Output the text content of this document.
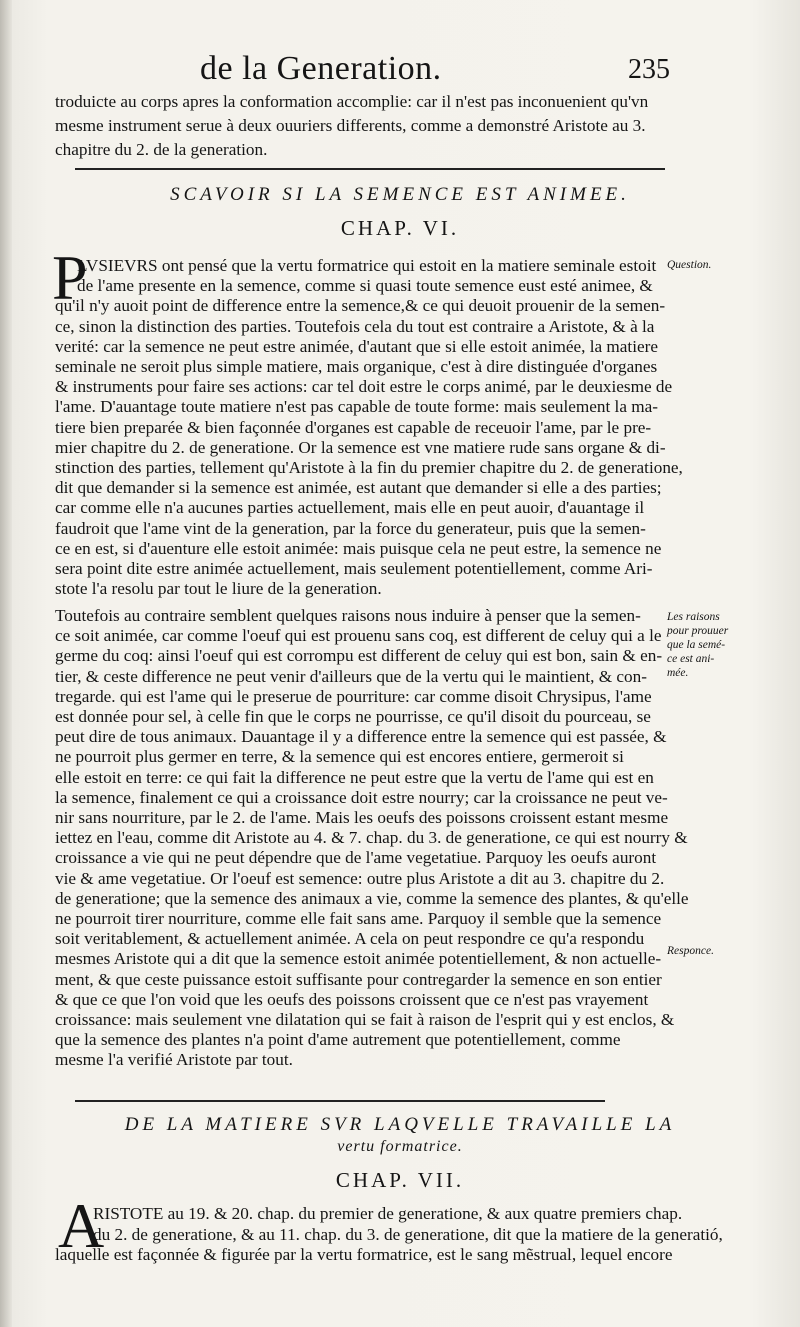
de la Generation.	235
troduicte au corps apres la conformation accomplie: car il n'est pas inconuenient qu'vn
mesme instrument serue à deux ouuriers differents, comme a demonstré Aristote au 3.
chapitre du 2. de la generation.
SCAVOIR SI LA SEMENCE EST ANIMEE.
CHAP. VI.
P
LVSIEVRS ont pensé que la vertu formatrice qui estoit en la matiere seminale estoit
de l'ame presente en la semence, comme si quasi toute semence eust esté animee, &
qu'il n'y auoit point de difference entre la semence,& ce qui deuoit prouenir de la semen-
ce, sinon la distinction des parties. Toutefois cela du tout est contraire a Aristote, & à la
verité: car la semence ne peut estre animée, d'autant que si elle estoit animée, la matiere
seminale ne seroit plus simple matiere, mais organique, c'est à dire distinguée d'organes
& instruments pour faire ses actions: car tel doit estre le corps animé, par le deuxiesme de
l'ame. D'auantage toute matiere n'est pas capable de toute forme: mais seulement la ma-
tiere bien preparée & bien façonnée d'organes est capable de receuoir l'ame, par le pre-
mier chapitre du 2. de generatione. Or la semence est vne matiere rude sans organe & di-
stinction des parties, tellement qu'Aristote à la fin du premier chapitre du 2. de generatione,
dit que demander si la semence est animée, est autant que demander si elle a des parties;
car comme elle n'a aucunes parties actuellement, mais elle en peut auoir, d'auantage il
faudroit que l'ame vint de la generation, par la force du generateur, puis que la semen-
ce en est, si d'auenture elle estoit animée: mais puisque cela ne peut estre, la semence ne
sera point dite estre animée actuellement, mais seulement potentiellement, comme Ari-
stote l'a resolu par tout le liure de la generation.
Toutefois au contraire semblent quelques raisons nous induire à penser que la semen-
ce soit animée, car comme l'oeuf qui est prouenu sans coq, est different de celuy qui a le
germe du coq: ainsi l'oeuf qui est corrompu est different de celuy qui est bon, sain & en-
tier, & ceste difference ne peut venir d'ailleurs que de la vertu qui le maintient, & con-
tregarde. qui est l'ame qui le preserue de pourriture: car comme disoit Chrysipus, l'ame
est donnée pour sel, à celle fin que le corps ne pourrisse, ce qu'il disoit du pourceau, se
peut dire de tous animaux. Dauantage il y a difference entre la semence qui est passée, &
ne pourroit plus germer en terre, & la semence qui est encores entiere, germeroit si
elle estoit en terre: ce qui fait la difference ne peut estre que la vertu de l'ame qui est en
la semence, finalement ce qui a croissance doit estre nourry; car la croissance ne peut ve-
nir sans nourriture, par le 2. de l'ame. Mais les oeufs des poissons croissent estant mesme
iettez en l'eau, comme dit Aristote au 4. & 7. chap. du 3. de generatione, ce qui est nourry &
croissance a vie qui ne peut dépendre que de l'ame vegetatiue. Parquoy les oeufs auront
vie & ame vegetatiue. Or l'oeuf est semence: outre plus Aristote a dit au 3. chapitre du 2.
de generatione; que la semence des animaux a vie, comme la semence des plantes, & qu'elle
ne pourroit tirer nourriture, comme elle fait sans ame. Parquoy il semble que la semence
soit veritablement, & actuellement animée. A cela on peut respondre ce qu'a respondu
mesmes Aristote qui a dit que la semence estoit animée potentiellement, & non actuelle-
ment, & que ceste puissance estoit suffisante pour contregarder la semence en son entier
& que ce que l'on void que les oeufs des poissons croissent que ce n'est pas vrayement
croissance: mais seulement vne dilatation qui se fait à raison de l'esprit qui y est enclos, &
que la semence des plantes n'a point d'ame autrement que potentiellement, comme
mesme l'a verifié Aristote par tout.
Question.
Les raisons
pour prouuer
que la semé-
ce est ani-
mée.
Responce.
DE LA MATIERE SVR LAQVELLE TRAVAILLE LA
vertu formatrice.
CHAP. VII.
A
RISTOTE au 19. & 20. chap. du premier de generatione, & aux quatre premiers chap.
du 2. de generatione, & au 11. chap. du 3. de generatione, dit que la matiere de la generatió,
laquelle est façonnée & figurée par la vertu formatrice, est le sang mẽstrual, lequel encore
